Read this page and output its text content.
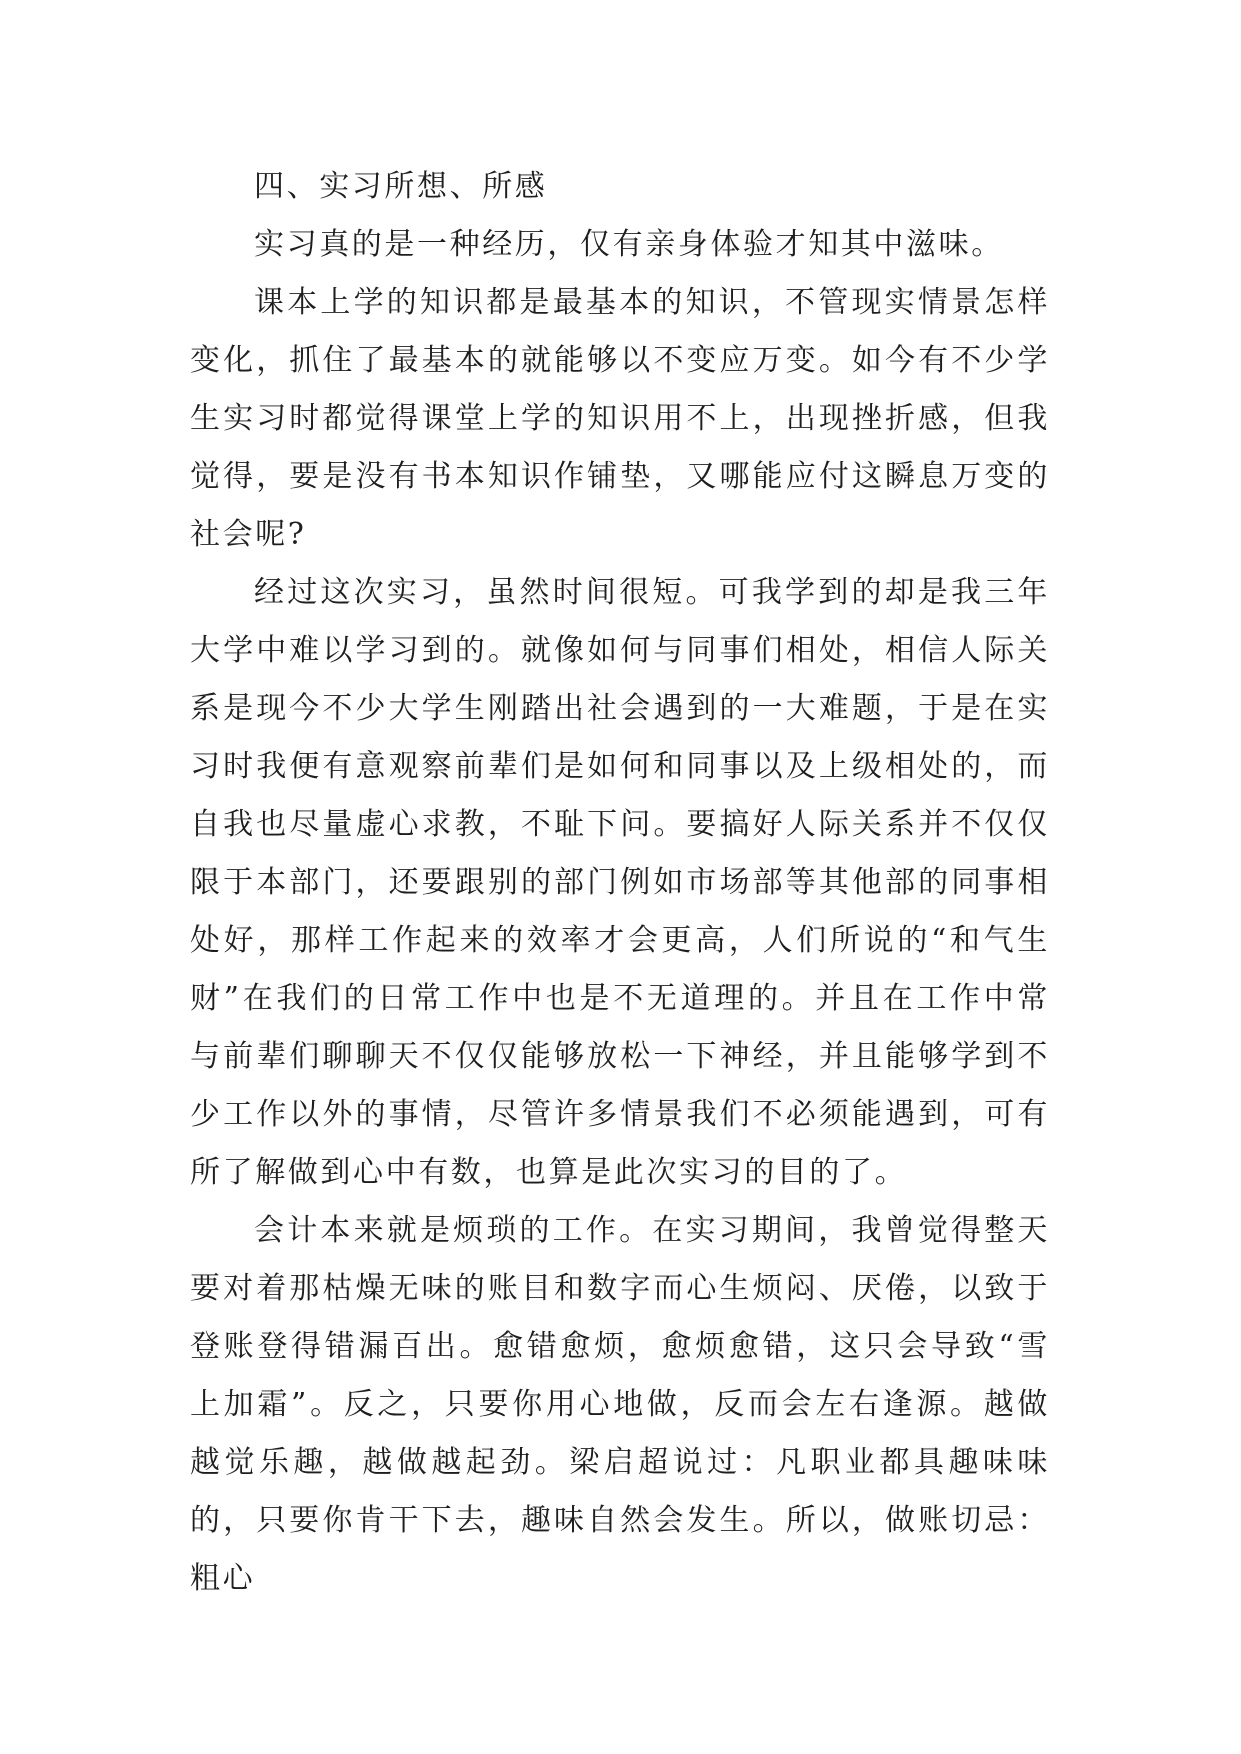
四、实习所想、所感

实习真的是一种经历，仅有亲身体验才知其中滋味。

课本上学的知识都是最基本的知识，不管现实情景怎样变化，抓住了最基本的就能够以不变应万变。如今有不少学生实习时都觉得课堂上学的知识用不上，出现挫折感，但我觉得，要是没有书本知识作铺垫，又哪能应付这瞬息万变的社会呢?

经过这次实习，虽然时间很短。可我学到的却是我三年大学中难以学习到的。就像如何与同事们相处，相信人际关系是现今不少大学生刚踏出社会遇到的一大难题，于是在实习时我便有意观察前辈们是如何和同事以及上级相处的，而自我也尽量虚心求教，不耻下问。要搞好人际关系并不仅仅限于本部门，还要跟别的部门例如市场部等其他部的同事相处好，那样工作起来的效率才会更高，人们所说的“和气生财”在我们的日常工作中也是不无道理的。并且在工作中常与前辈们聊聊天不仅仅能够放松一下神经，并且能够学到不少工作以外的事情，尽管许多情景我们不必须能遇到，可有所了解做到心中有数，也算是此次实习的目的了。

会计本来就是烦琐的工作。在实习期间，我曾觉得整天要对着那枯燥无味的账目和数字而心生烦闷、厌倦，以致于登账登得错漏百出。愈错愈烦，愈烦愈错，这只会导致“雪上加霜”。反之，只要你用心地做，反而会左右逢源。越做越觉乐趣，越做越起劲。梁启超说过：凡职业都具趣味味的，只要你肯干下去，趣味自然会发生。所以，做账切忌：粗心
